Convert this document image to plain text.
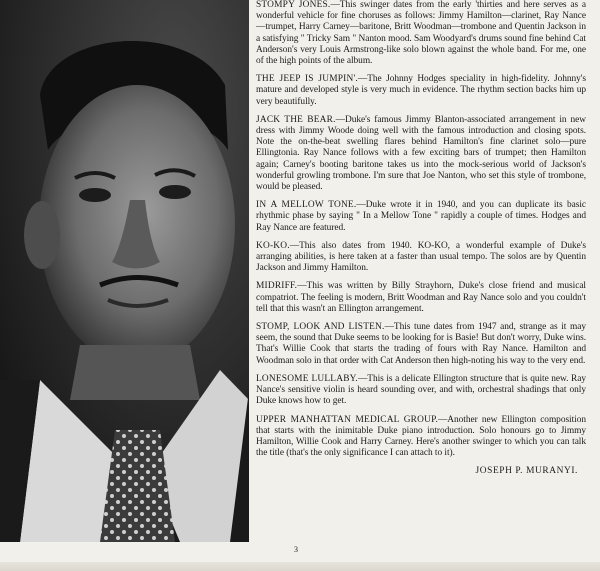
STOMPY JONES.—This swinger dates from the early 'thirties and here serves as a wonderful vehicle for fine choruses as follows: Jimmy Hamilton—clarinet, Ray Nance—trumpet, Harry Carney—baritone, Britt Woodman—trombone and Quentin Jackson in a satisfying " Tricky Sam " Nanton mood. Sam Woodyard's drums sound fine behind Cat Anderson's very Louis Armstrong-like solo blown against the whole band. For me, one of the high points of the album.

THE JEEP IS JUMPIN'.—The Johnny Hodges speciality in high-fidelity. Johnny's mature and developed style is very much in evidence. The rhythm section backs him up very beautifully.

JACK THE BEAR.—Duke's famous Jimmy Blanton-associated arrangement in new dress with Jimmy Woode doing well with the famous introduction and closing spots. Note the on-the-beat swelling flares behind Hamilton's fine clarinet solo—pure Ellingtonia. Ray Nance follows with a few exciting bars of trumpet; then Hamilton again; Carney's booting baritone takes us into the mock-serious world of Jackson's wonderful growling trombone. I'm sure that Joe Nanton, who set this style of trombone, would be pleased.

IN A MELLOW TONE.—Duke wrote it in 1940, and you can duplicate its basic rhythmic phase by saying " In a Mellow Tone " rapidly a couple of times. Hodges and Ray Nance are featured.

KO-KO.—This also dates from 1940. KO-KO, a wonderful example of Duke's arranging abilities, is here taken at a faster than usual tempo. The solos are by Quentin Jackson and Jimmy Hamilton.

MIDRIFF.—This was written by Billy Strayhorn, Duke's close friend and musical compatriot. The feeling is modern, Britt Woodman and Ray Nance solo and you couldn't tell that this wasn't an Ellington arrangement.

STOMP, LOOK AND LISTEN.—This tune dates from 1947 and, strange as it may seem, the sound that Duke seems to be looking for is Basie! But don't worry, Duke wins. That's Willie Cook that starts the trading of fours with Ray Nance. Hamilton and Woodman solo in that order with Cat Anderson then high-noting his way to the very end.

LONESOME LULLABY.—This is a delicate Ellington structure that is quite new. Ray Nance's sensitive violin is heard sounding over, and with, orchestral shadings that only Duke knows how to get.

UPPER MANHATTAN MEDICAL GROUP.—Another new Ellington composition that starts with the inimitable Duke piano introduction. Solo honours go to Jimmy Hamilton, Willie Cook and Harry Carney. Here's another swinger to which you can talk the title (that's the only significance I can attach to it).

JOSEPH P. MURANYI.
3
